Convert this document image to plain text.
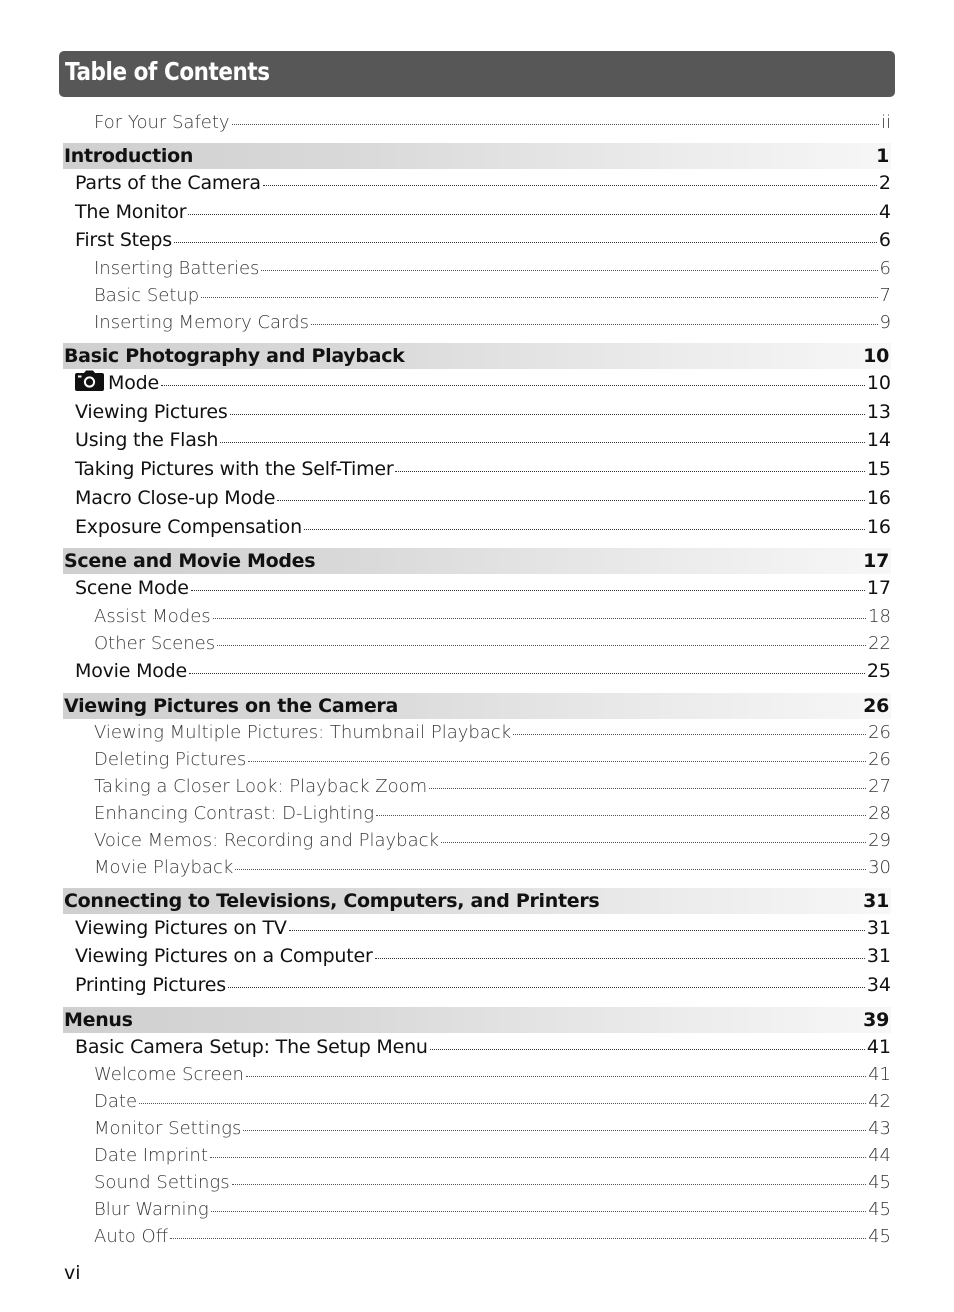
Table of Contents
For Your Safety	ii
Introduction	1
Parts of the Camera	2
The Monitor	4
First Steps	6
Inserting Batteries	6
Basic Setup	7
Inserting Memory Cards	9
Basic Photography and Playback	10
Mode	10
Viewing Pictures	13
Using the Flash	14
Taking Pictures with the Self-Timer	15
Macro Close-up Mode	16
Exposure Compensation	16
Scene and Movie Modes	17
Scene Mode	17
Assist Modes	18
Other Scenes	22
Movie Mode	25
Viewing Pictures on the Camera	26
Viewing Multiple Pictures: Thumbnail Playback	26
Deleting Pictures	26
Taking a Closer Look: Playback Zoom	27
Enhancing Contrast: D-Lighting	28
Voice Memos: Recording and Playback	29
Movie Playback	30
Connecting to Televisions, Computers, and Printers	31
Viewing Pictures on TV	31
Viewing Pictures on a Computer	31
Printing Pictures	34
Menus	39
Basic Camera Setup: The Setup Menu	41
Welcome Screen	41
Date	42
Monitor Settings	43
Date Imprint	44
Sound Settings	45
Blur Warning	45
Auto Off	45
vi
